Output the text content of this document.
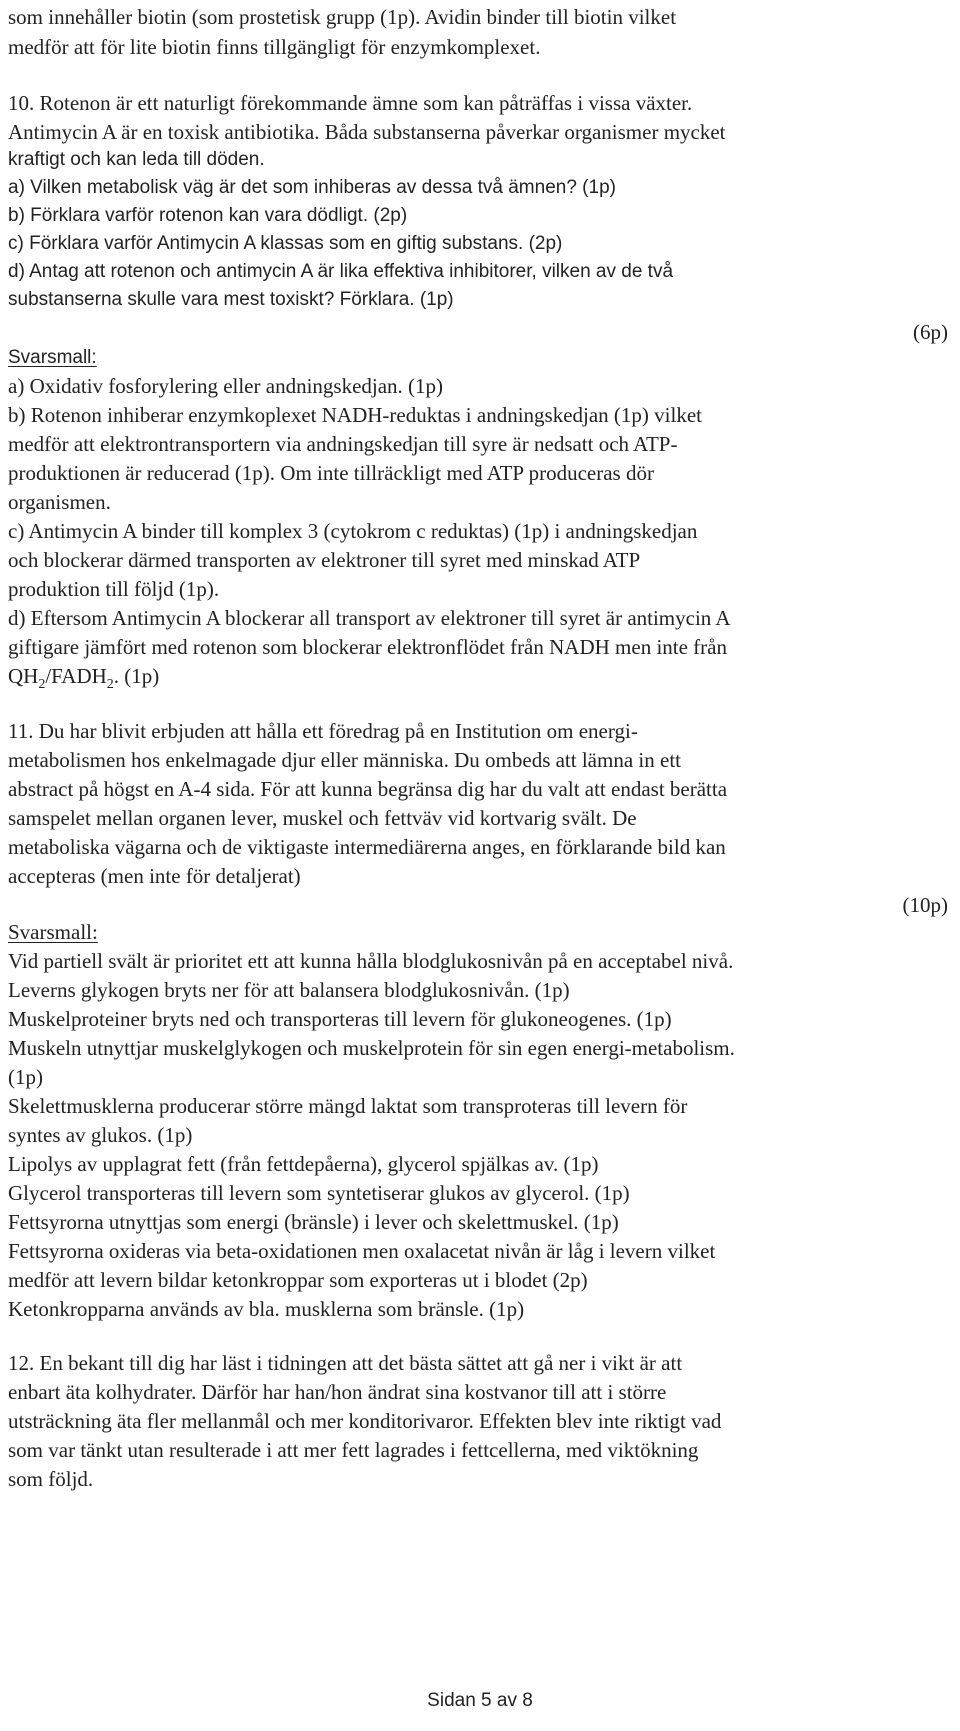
som innehåller biotin (som prostetisk grupp (1p). Avidin binder till biotin vilket
medför att för lite biotin finns tillgängligt för enzymkomplexet.
10. Rotenon är ett naturligt förekommande ämne som kan påträffas i vissa växter.
Antimycin A är en toxisk antibiotika. Båda substanserna påverkar organismer mycket
kraftigt och kan leda till döden.
a) Vilken metabolisk väg är det som inhiberas av dessa två ämnen? (1p)
b) Förklara varför rotenon kan vara dödligt. (2p)
c) Förklara varför Antimycin A klassas som en giftig substans. (2p)
d) Antag att rotenon och antimycin A är lika effektiva inhibitorer, vilken av de två
substanserna skulle vara mest toxiskt? Förklara. (1p)
(6p)
Svarsmall:
a) Oxidativ fosforylering eller andningskedjan. (1p)
b) Rotenon inhiberar enzymkoplexet NADH-reduktas i andningskedjan (1p) vilket
medför att elektrontransportern via andningskedjan till syre är nedsatt och ATP-
produktionen är reducerad (1p). Om inte tillräckligt med ATP produceras dör
organismen.
c) Antimycin A binder till komplex 3 (cytokrom c reduktas) (1p) i andningskedjan
och blockerar därmed transporten av elektroner till syret med minskad ATP
produktion till följd (1p).
d) Eftersom Antimycin A blockerar all transport av elektroner till syret är antimycin A
giftigare jämfört med rotenon som blockerar elektronflödet från NADH men inte från
$QH_2/FADH_2$. (1p)
11. Du har blivit erbjuden att hålla ett föredrag på en Institution om energi-
metabolismen hos enkelmagade djur eller människa. Du ombeds att lämna in ett
abstract på högst en A-4 sida. För att kunna begränsa dig har du valt att endast berätta
samspelet mellan organen lever, muskel och fettväv vid kortvarig svält. De
metaboliska vägarna och de viktigaste intermediärerna anges, en förklarande bild kan
accepteras (men inte för detaljerat)
(10p)
Svarsmall:
Vid partiell svält är prioritet ett att kunna hålla blodglukosnivån på en acceptabel nivå.
Leverns glykogen bryts ner för att balansera blodglukosnivån. (1p)
Muskelproteiner bryts ned och transporteras till levern för glukoneogenes. (1p)
Muskeln utnyttjar muskelglykogen och muskelprotein för sin egen energi-metabolism.
(1p)
Skelettmusklerna producerar större mängd laktat som transproteras till levern för
syntes av glukos. (1p)
Lipolys av upplagrat fett (från fettdepåerna), glycerol spjälkas av. (1p)
Glycerol transporteras till levern som syntetiserar glukos av glycerol. (1p)
Fettsyrorna utnyttjas som energi (bränsle) i lever och skelettmuskel. (1p)
Fettsyrorna oxideras via beta-oxidationen men oxalacetat nivån är låg i levern vilket
medför att levern bildar ketonkroppar som exporteras ut i blodet (2p)
Ketonkropparna används av bla. musklerna som bränsle. (1p)
12. En bekant till dig har läst i tidningen att det bästa sättet att gå ner i vikt är att
enbart äta kolhydrater. Därför har han/hon ändrat sina kostvanor till att i större
utsträckning äta fler mellanmål och mer konditorivaror. Effekten blev inte riktigt vad
som var tänkt utan resulterade i att mer fett lagrades i fettcellerna, med viktökning
som följd.
Sidan 5 av 8
